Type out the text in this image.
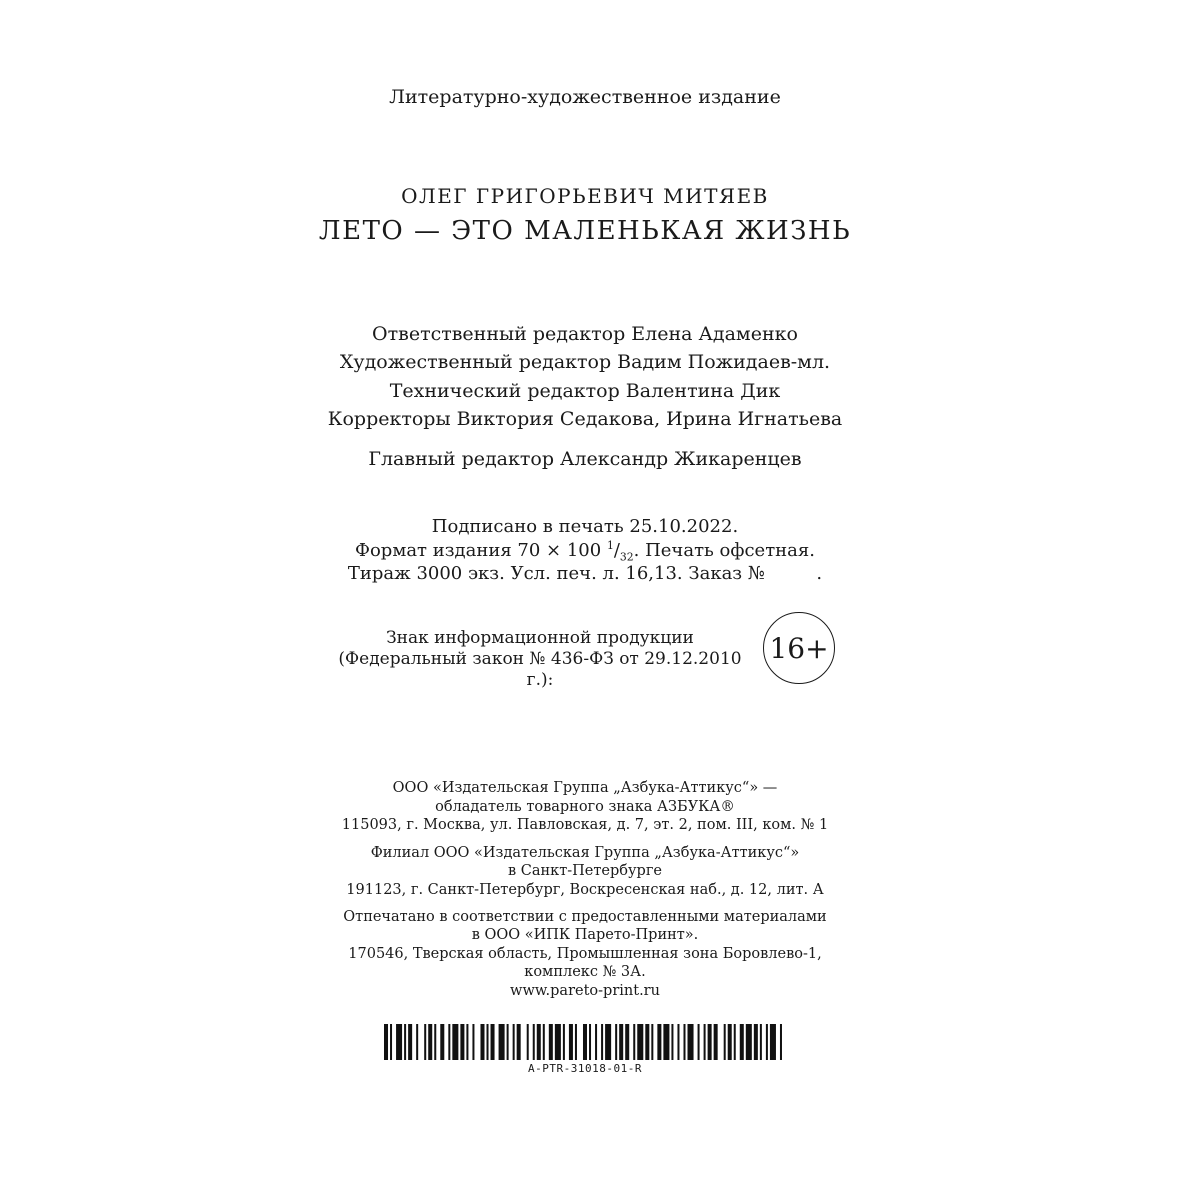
Литературно-художественное издание
ОЛЕГ ГРИГОРЬЕВИЧ МИТЯЕВ
ЛЕТО — ЭТО МАЛЕНЬКАЯ ЖИЗНЬ
Ответственный редактор Елена Адаменко
Художественный редактор Вадим Пожидаев-мл.
Технический редактор Валентина Дик
Корректоры Виктория Седакова, Ирина Игнатьева
Главный редактор Александр Жикаренцев
Подписано в печать 25.10.2022.
Формат издания 70 × 100 $^1/_{32}$. Печать офсетная.
Тираж 3000 экз. Усл. печ. л. 16,13. Заказ №         .
Знак информационной продукции
(Федеральный закон № 436-ФЗ от 29.12.2010 г.):
16+
ООО «Издательская Группа „Азбука-Аттикус“» —
обладатель товарного знака АЗБУКА®
115093, г. Москва, ул. Павловская, д. 7, эт. 2, пом. III, ком. № 1
Филиал ООО «Издательская Группа „Азбука-Аттикус“»
в Санкт-Петербурге
191123, г. Санкт-Петербург, Воскресенская наб., д. 12, лит. А
Отпечатано в соответствии с предоставленными материалами
в ООО «ИПК Парето-Принт».
170546, Тверская область, Промышленная зона Боровлево-1,
комплекс № 3А.
www.pareto-print.ru
A-PTR-31018-01-R
